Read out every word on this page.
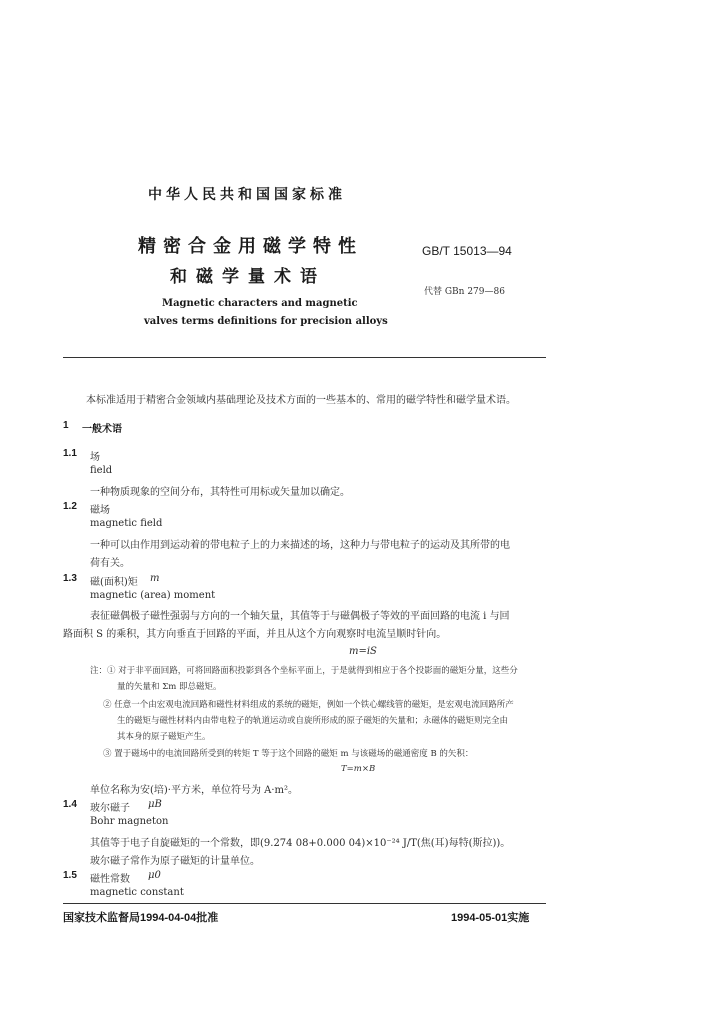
中华人民共和国国家标准
精密合金用磁学特性
和磁学量术语
GB/T 15013—94
代替 GBn 279—86
Magnetic characters and magnetic
valves terms definitions for precision alloys
本标准适用于精密合金领域内基础理论及技术方面的一些基本的、常用的磁学特性和磁学量术语。
1 一般术语
1.1 场
field
一种物质现象的空间分布，其特性可用标或矢量加以确定。
1.2 磁场
magnetic field
一种可以由作用到运动着的带电粒子上的力来描述的场，这种力与带电粒子的运动及其所带的电
荷有关。
1.3 磁(面积)矩 m
magnetic (area) moment
表征磁偶极子磁性强弱与方向的一个轴矢量，其值等于与磁偶极子等效的平面回路的电流 i 与回
路面积 S 的乘积，其方向垂直于回路的平面，并且从这个方向观察时电流呈顺时针向。
m=iS
注：① 对于非平面回路，可将回路面积投影到各个坐标平面上，于是就得到相应于各个投影面的磁矩分量，这些分
量的矢量和 Σm 即总磁矩。
② 任意一个由宏观电流回路和磁性材料组成的系统的磁矩，例如一个铁心螺线管的磁矩，是宏观电流回路所产
生的磁矩与磁性材料内由带电粒子的轨道运动或自旋所形成的原子磁矩的矢量和；永磁体的磁矩则完全由
其本身的原子磁矩产生。
③ 置于磁场中的电流回路所受到的转矩 T 等于这个回路的磁矩 m 与该磁场的磁通密度 B 的矢积：
T=m×B
单位名称为安(培)·平方米，单位符号为 A·m²。
1.4 玻尔磁子 μB
Bohr magneton
其值等于电子自旋磁矩的一个常数，即(9.274 08+0.000 04)×10⁻²⁴ J/T(焦(耳)每特(斯拉))。
玻尔磁子常作为原子磁矩的计量单位。
1.5 磁性常数 μ0
magnetic constant
国家技术监督局1994-04-04批准	1994-05-01实施
